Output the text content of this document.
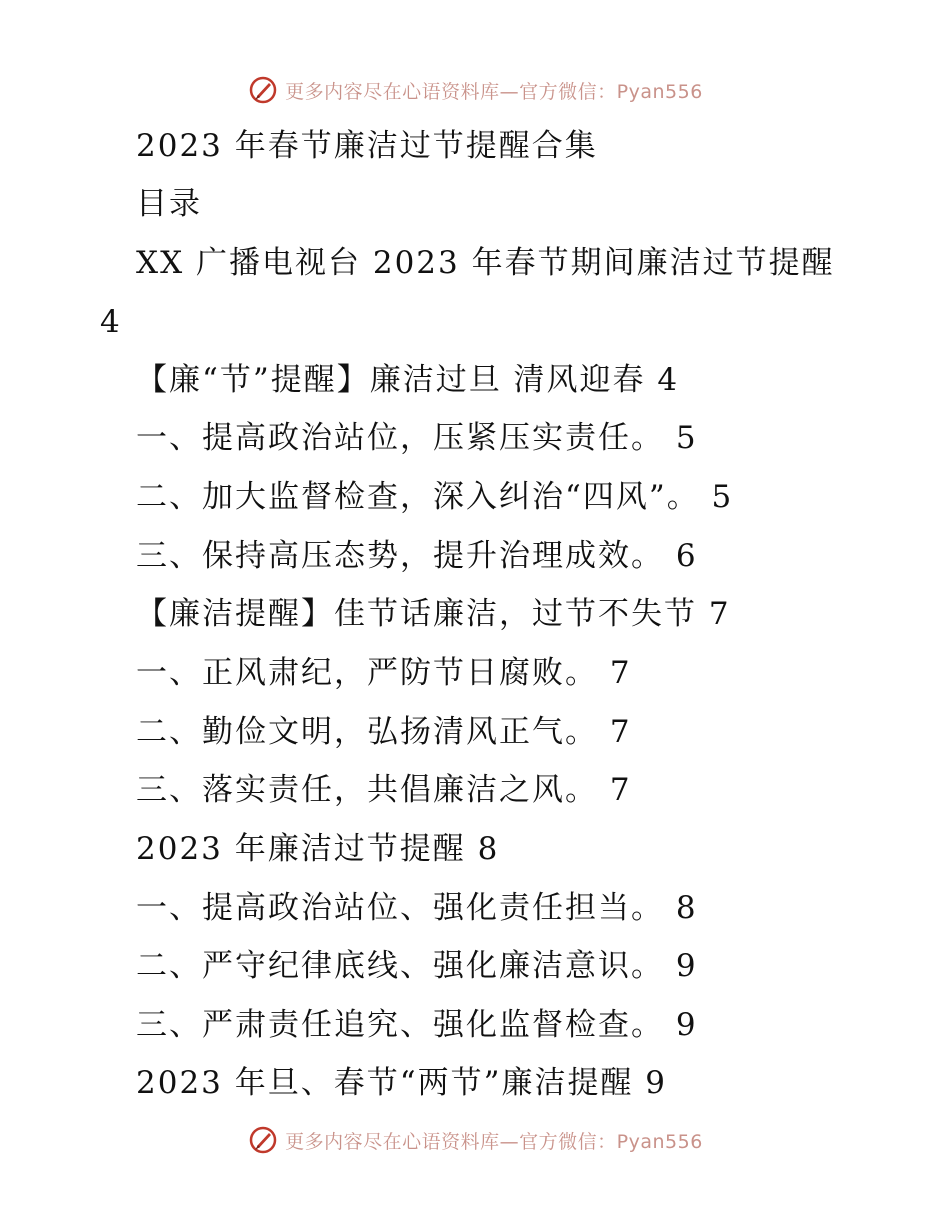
更多内容尽在心语资料库—官方微信：Pyan556
2023 年春节廉洁过节提醒合集
目录
XX 广播电视台 2023 年春节期间廉洁过节提醒
4
【廉“节”提醒】廉洁过旦 清风迎春 4
一、提高政治站位，压紧压实责任。 5
二、加大监督检查，深入纠治“四风”。 5
三、保持高压态势，提升治理成效。 6
【廉洁提醒】佳节话廉洁，过节不失节 7
一、正风肃纪，严防节日腐败。 7
二、勤俭文明，弘扬清风正气。 7
三、落实责任，共倡廉洁之风。 7
2023 年廉洁过节提醒 8
一、提高政治站位、强化责任担当。 8
二、严守纪律底线、强化廉洁意识。 9
三、严肃责任追究、强化监督检查。 9
2023 年旦、春节“两节”廉洁提醒 9
更多内容尽在心语资料库—官方微信：Pyan556
